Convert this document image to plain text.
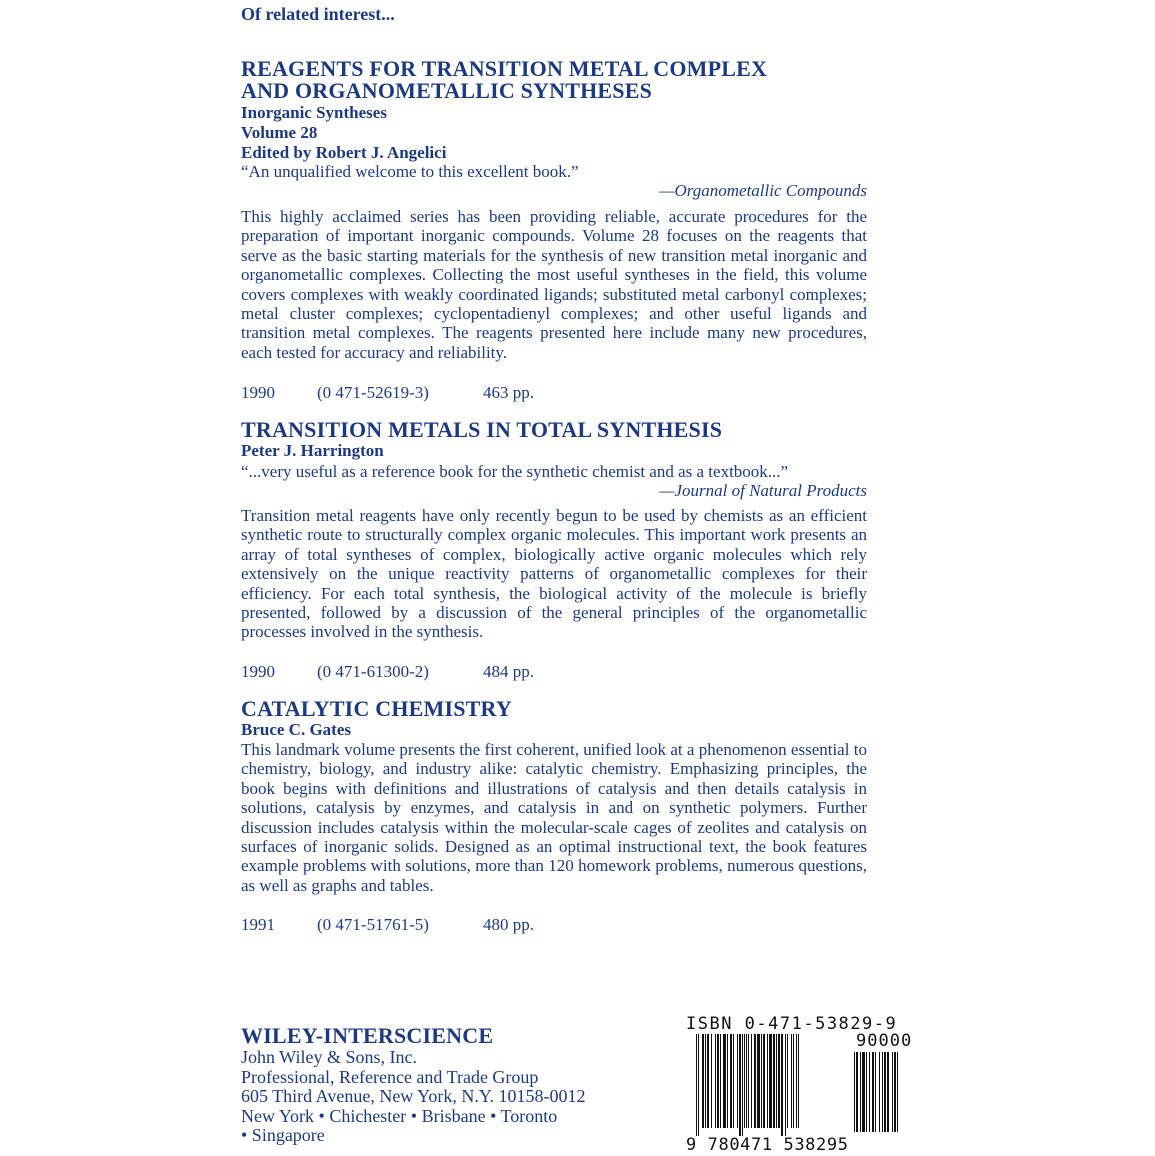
Of related interest...
REAGENTS FOR TRANSITION METAL COMPLEX
AND ORGANOMETALLIC SYNTHESES
Inorganic Syntheses
Volume 28
Edited by Robert J. Angelici
“An unqualified welcome to this excellent book.”
—Organometallic Compounds
This highly acclaimed series has been providing reliable, accurate procedures for the preparation of important inorganic compounds. Volume 28 focuses on the reagents that serve as the basic starting materials for the synthesis of new transition metal inorganic and organometallic complexes. Collecting the most useful syntheses in the field, this volume covers complexes with weakly coordinated ligands; substituted metal carbonyl complexes; metal cluster complexes; cyclopentadienyl complexes; and other useful ligands and transition metal complexes. The reagents presented here include many new procedures, each tested for accuracy and reliability.
1990 (0 471-52619-3)	463 pp.
TRANSITION METALS IN TOTAL SYNTHESIS
Peter J. Harrington
“...very useful as a reference book for the synthetic chemist and as a textbook...”
—Journal of Natural Products
Transition metal reagents have only recently begun to be used by chemists as an efficient synthetic route to structurally complex organic molecules. This important work presents an array of total syntheses of complex, biologically active organic molecules which rely extensively on the unique reactivity patterns of organometallic complexes for their efficiency. For each total synthesis, the biological activity of the molecule is briefly presented, followed by a discussion of the general principles of the organometallic processes involved in the synthesis.
1990 (0 471-61300-2)	484 pp.
CATALYTIC CHEMISTRY
Bruce C. Gates
This landmark volume presents the first coherent, unified look at a phenomenon essential to chemistry, biology, and industry alike: catalytic chemistry. Emphasizing principles, the book begins with definitions and illustrations of catalysis and then details catalysis in solutions, catalysis by enzymes, and catalysis in and on synthetic polymers. Further discussion includes catalysis within the molecular-scale cages of zeolites and catalysis on surfaces of inorganic solids. Designed as an optimal instructional text, the book features example problems with solutions, more than 120 homework problems, numerous questions, as well as graphs and tables.
1991 (0 471-51761-5)	480 pp.
WILEY-INTERSCIENCE
John Wiley & Sons, Inc.
Professional, Reference and Trade Group
605 Third Avenue, New York, N.Y. 10158-0012
New York • Chichester • Brisbane • Toronto
• Singapore
ISBN 0-471-53829-9
90000
9 780471 538295
